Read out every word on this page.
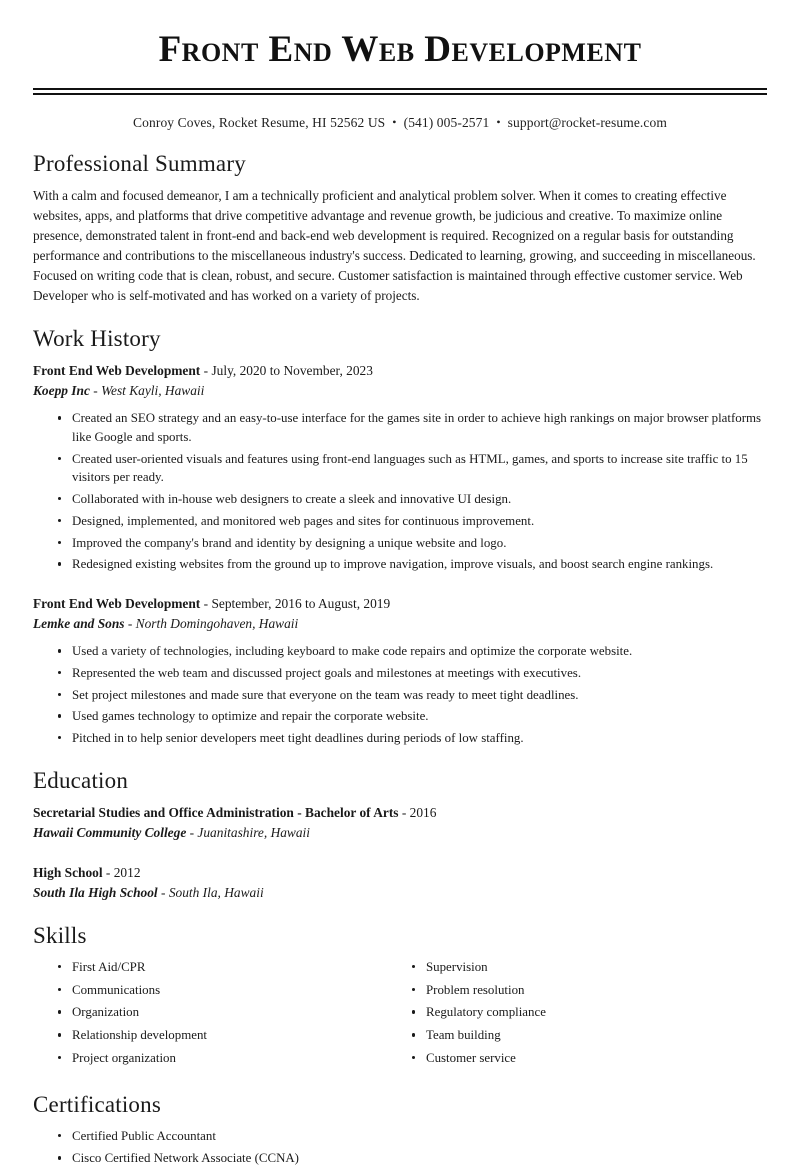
Front End Web Development
Conroy Coves, Rocket Resume, HI 52562 US • (541) 005-2571 • support@rocket-resume.com
Professional Summary

With a calm and focused demeanor, I am a technically proficient and analytical problem solver. When it comes to creating effective websites, apps, and platforms that drive competitive advantage and revenue growth, be judicious and creative. To maximize online presence, demonstrated talent in front-end and back-end web development is required. Recognized on a regular basis for outstanding performance and contributions to the miscellaneous industry's success. Dedicated to learning, growing, and succeeding in miscellaneous. Focused on writing code that is clean, robust, and secure. Customer satisfaction is maintained through effective customer service. Web Developer who is self-motivated and has worked on a variety of projects.

Work History
Front End Web Development - July, 2020 to November, 2023
Koepp Inc - West Kayli, Hawaii
Created an SEO strategy and an easy-to-use interface for the games site in order to achieve high rankings on major browser platforms like Google and sports.
Created user-oriented visuals and features using front-end languages such as HTML, games, and sports to increase site traffic to 15 visitors per ready.
Collaborated with in-house web designers to create a sleek and innovative UI design.
Designed, implemented, and monitored web pages and sites for continuous improvement.
Improved the company's brand and identity by designing a unique website and logo.
Redesigned existing websites from the ground up to improve navigation, improve visuals, and boost search engine rankings.
Front End Web Development - September, 2016 to August, 2019
Lemke and Sons - North Domingohaven, Hawaii
Used a variety of technologies, including keyboard to make code repairs and optimize the corporate website.
Represented the web team and discussed project goals and milestones at meetings with executives.
Set project milestones and made sure that everyone on the team was ready to meet tight deadlines.
Used games technology to optimize and repair the corporate website.
Pitched in to help senior developers meet tight deadlines during periods of low staffing.
Education
Secretarial Studies and Office Administration - Bachelor of Arts - 2016
Hawaii Community College - Juanitashire, Hawaii
High School - 2012
South Ila High School - South Ila, Hawaii
Skills
First Aid/CPR
Communications
Organization
Relationship development
Project organization
Supervision
Problem resolution
Regulatory compliance
Team building
Customer service
Certifications
Certified Public Accountant
Cisco Certified Network Associate (CCNA)
